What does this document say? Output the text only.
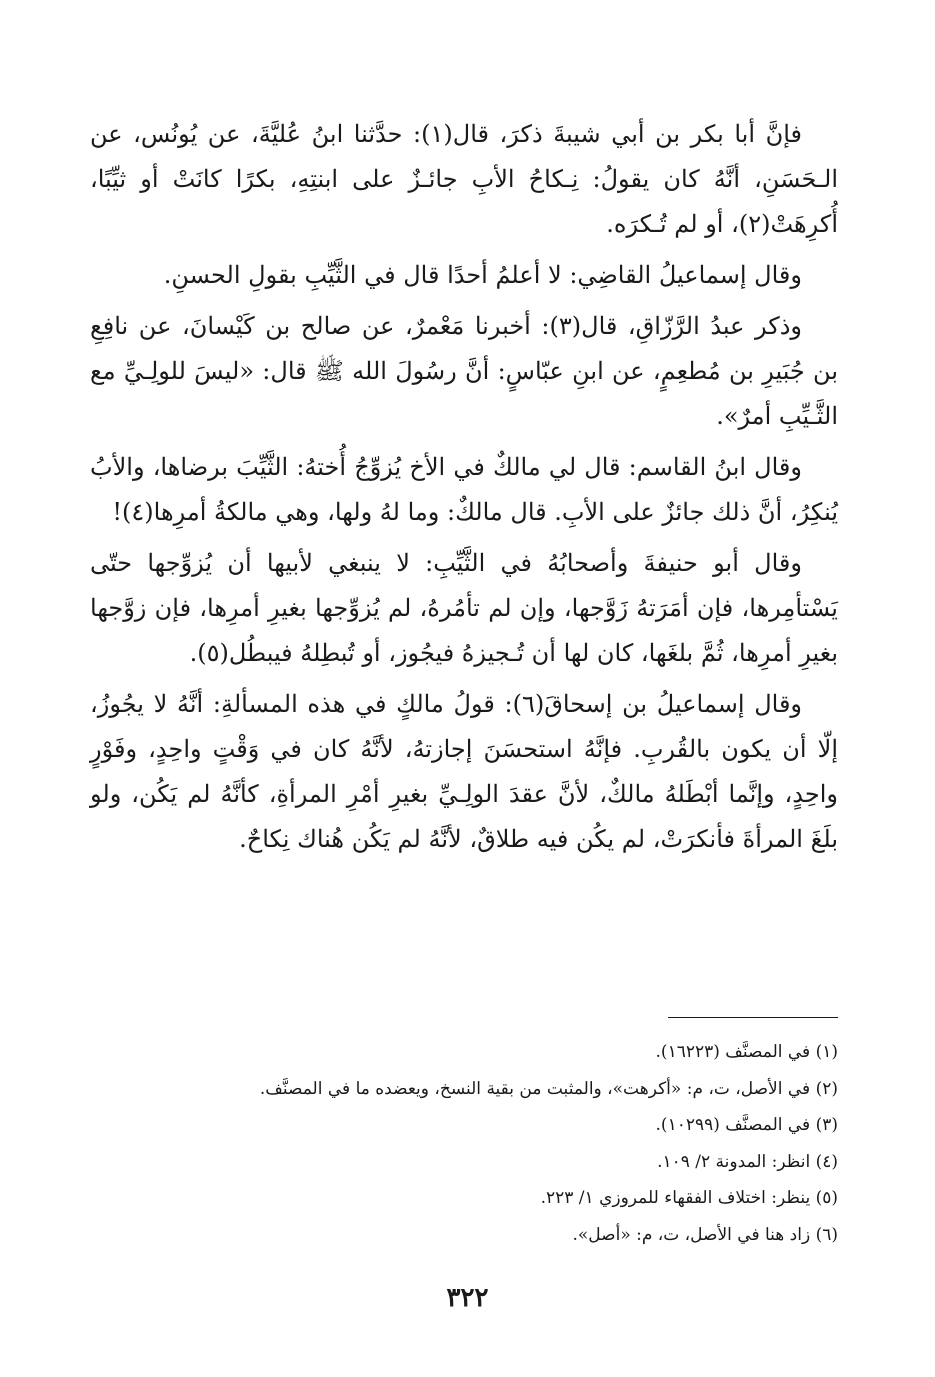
فإنَّ أبا بكر بن أبي شيبةَ ذكرَ، قال(١): حدَّثنا ابنُ عُليَّةَ، عن يُونُس، عن الـحَسَنِ، أنَّهُ كان يقولُ: نِـكاحُ الأبِ جائـزٌ على ابنتِهِ، بكرًا كانَتْ أو ثيِّبًا، أُكرِهَتْ(٢)، أو لم تُـكرَه.

وقال إسماعيلُ القاضِي: لا أعلمُ أحدًا قال في الثَّيِّبِ بقولِ الحسنِ.

وذكر عبدُ الرَّزّاقِ، قال(٣): أخبرنا مَعْمرٌ، عن صالح بن كَيْسانَ، عن نافِعِ بن جُبَيرِ بن مُطعِمٍ، عن ابنِ عبّاسٍ: أنَّ رسُولَ الله ﷺ قال: «ليسَ للولِـيِّ مع الثَّـيِّبِ أمرٌ».

وقال ابنُ القاسم: قال لي مالكٌ في الأخ يُزوِّجُ أُختهُ: الثَّيِّبَ برضاها، والأبُ يُنكِرُ، أنَّ ذلك جائزٌ على الأبِ. قال مالكٌ: وما لهُ ولها، وهي مالكةُ أمرِها(٤)!

وقال أبو حنيفةَ وأصحابُهُ في الثَّيِّبِ: لا ينبغي لأبيها أن يُزوِّجها حتّى يَسْتأمِرها، فإن أمَرَتهُ زَوَّجها، وإن لم تأمُرهُ، لم يُزوِّجها بغيرِ أمرِها، فإن زوَّجها بغيرِ أمرِها، ثُمَّ بلغَها، كان لها أن تُـجيزهُ فيجُوز، أو تُبطِلهُ فيبطُل(٥).

وقال إسماعيلُ بن إسحاقَ(٦): قولُ مالكٍ في هذه المسألةِ: أنَّهُ لا يجُوزُ، إلّا أن يكون بالقُربِ. فإنَّهُ استحسَنَ إجازتهُ، لأنَّهُ كان في وَقْتٍ واحِدٍ، وفَوْرٍ واحِدٍ، وإنَّما أبْطَلهُ مالكٌ، لأنَّ عقدَ الولِـيِّ بغيرِ أمْرِ المرأةِ، كأنَّهُ لم يَكُن، ولو بلَغَ المرأةَ فأنكرَتْ، لم يكُن فيه طلاقٌ، لأنَّهُ لم يَكُن هُناك نِكاحٌ.

(١) في المصنَّف (١٦٢٢٣).
(٢) في الأصل، ت، م: «أكرهت»، والمثبت من بقية النسخ، ويعضده ما في المصنَّف.
(٣) في المصنَّف (١٠٢٩٩).
(٤) انظر: المدونة ٢/ ١٠٩.
(٥) ينظر: اختلاف الفقهاء للمروزي ١/ ٢٢٣.
(٦) زاد هنا في الأصل، ت، م: «أصل».
٣٢٢
